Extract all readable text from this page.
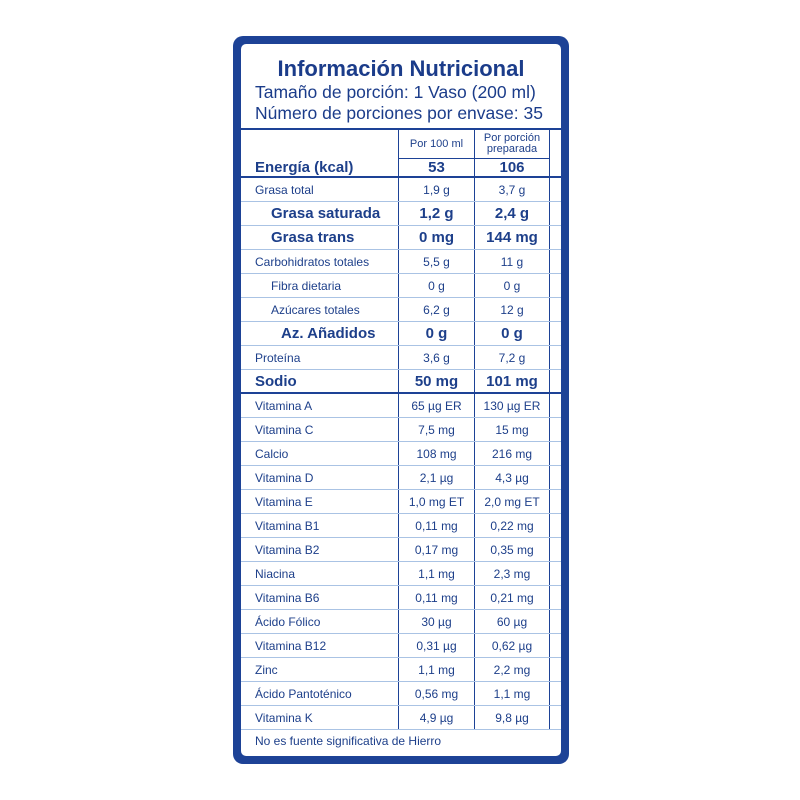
Información Nutricional
Tamaño de porción: 1 Vaso (200 ml)
Número de porciones por envase: 35
Por 100 ml	Por porción
preparada
Energía (kcal)	53	106
Grasa total	1,9 g	3,7 g
Grasa saturada	1,2 g	2,4 g
Grasa trans	0 mg	144 mg
Carbohidratos totales	5,5 g	11 g
Fibra dietaria	0 g	0 g
Azúcares totales	6,2 g	12 g
Az. Añadidos	0 g	0 g
Proteína	3,6 g	7,2 g
Sodio	50 mg	101 mg
Vitamina A	65 µg ER	130 µg ER
Vitamina C	7,5 mg	15 mg
Calcio	108 mg	216 mg
Vitamina D	2,1 µg	4,3 µg
Vitamina E	1,0 mg ET	2,0 mg ET
Vitamina B1	0,11 mg	0,22 mg
Vitamina B2	0,17 mg	0,35 mg
Niacina	1,1 mg	2,3 mg
Vitamina B6	0,11 mg	0,21 mg
Ácido Fólico	30 µg	60 µg
Vitamina B12	0,31 µg	0,62 µg
Zinc	1,1 mg	2,2 mg
Ácido Pantoténico	0,56 mg	1,1 mg
Vitamina K	4,9 µg	9,8 µg
No es fuente significativa de Hierro
